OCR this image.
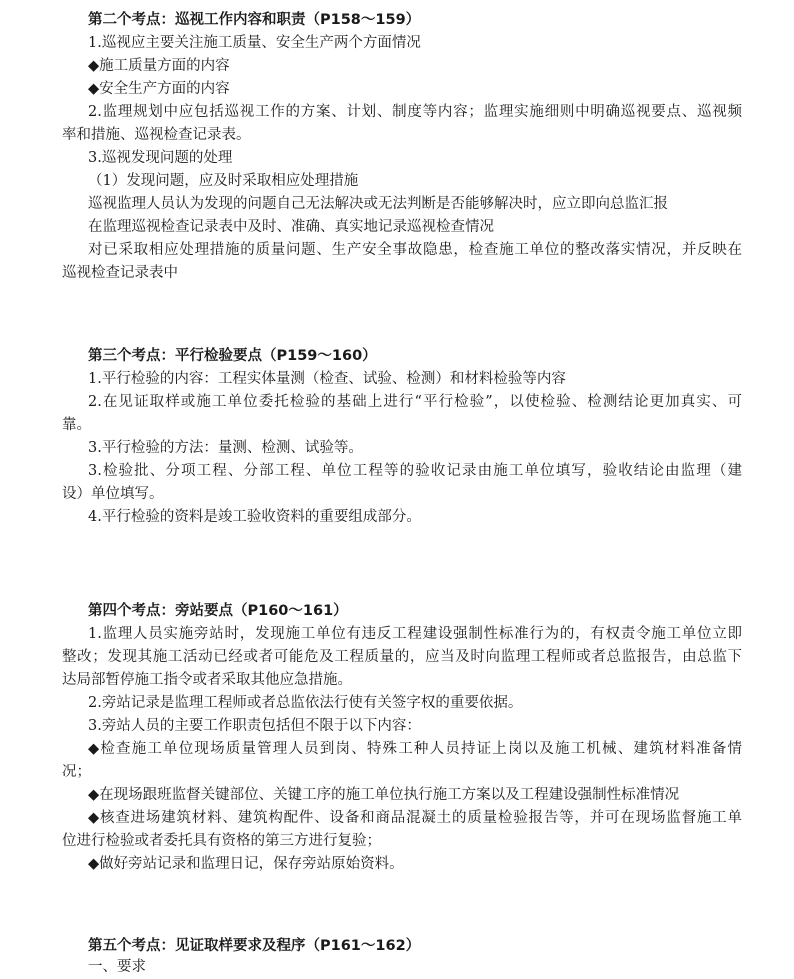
第二个考点：巡视工作内容和职责（P158～159）
1.巡视应主要关注施工质量、安全生产两个方面情况
◆施工质量方面的内容
◆安全生产方面的内容
2.监理规划中应包括巡视工作的方案、计划、制度等内容；监理实施细则中明确巡视要点、巡视频
率和措施、巡视检查记录表。
3.巡视发现问题的处理
（1）发现问题，应及时采取相应处理措施
巡视监理人员认为发现的问题自己无法解决或无法判断是否能够解决时，应立即向总监汇报
在监理巡视检查记录表中及时、准确、真实地记录巡视检查情况
对已采取相应处理措施的质量问题、生产安全事故隐患，检查施工单位的整改落实情况，并反映在
巡视检查记录表中
第三个考点：平行检验要点（P159～160）
1.平行检验的内容：工程实体量测（检查、试验、检测）和材料检验等内容
2.在见证取样或施工单位委托检验的基础上进行“平行检验”，以使检验、检测结论更加真实、可
靠。
3.平行检验的方法：量测、检测、试验等。
3.检验批、分项工程、分部工程、单位工程等的验收记录由施工单位填写，验收结论由监理（建
设）单位填写。
4.平行检验的资料是竣工验收资料的重要组成部分。
第四个考点：旁站要点（P160～161）
1.监理人员实施旁站时，发现施工单位有违反工程建设强制性标准行为的，有权责令施工单位立即
整改；发现其施工活动已经或者可能危及工程质量的，应当及时向监理工程师或者总监报告，由总监下
达局部暂停施工指令或者采取其他应急措施。
2.旁站记录是监理工程师或者总监依法行使有关签字权的重要依据。
3.旁站人员的主要工作职责包括但不限于以下内容：
◆检查施工单位现场质量管理人员到岗、特殊工种人员持证上岗以及施工机械、建筑材料准备情
况；
◆在现场跟班监督关键部位、关键工序的施工单位执行施工方案以及工程建设强制性标准情况
◆核查进场建筑材料、建筑构配件、设备和商品混凝土的质量检验报告等，并可在现场监督施工单
位进行检验或者委托具有资格的第三方进行复验；
◆做好旁站记录和监理日记，保存旁站原始资料。
第五个考点：见证取样要求及程序（P161～162）
一、要求
